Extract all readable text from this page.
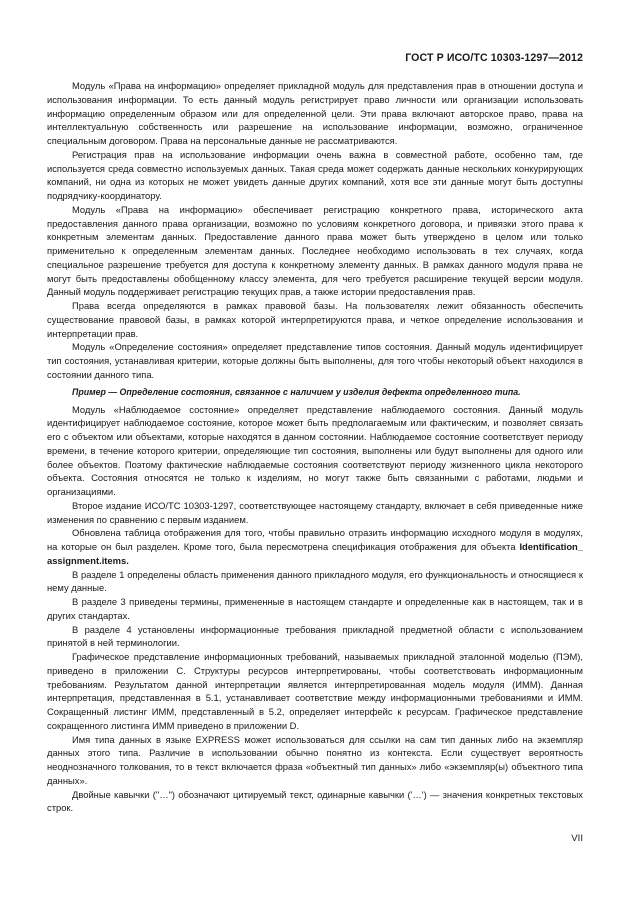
ГОСТ Р ИСО/ТС 10303-1297—2012

Модуль «Права на информацию» определяет прикладной модуль для представления прав в отношении доступа и использования информации. То есть данный модуль регистрирует право личности или организации использовать информацию определенным образом или для определенной цели. Эти права включают авторское право, права на интеллектуальную собственность или разрешение на использование информации, возможно, ограниченное специальным договором. Права на персональные данные не рассматриваются.

Регистрация прав на использование информации очень важна в совместной работе, особенно там, где используется среда совместно используемых данных. Такая среда может содержать данные нескольких конкурирующих компаний, ни одна из которых не может увидеть данные других компаний, хотя все эти данные могут быть доступны подрядчику-координатору.

Модуль «Права на информацию» обеспечивает регистрацию конкретного права, исторического акта предоставления данного права организации, возможно по условиям конкретного договора, и привязки этого права к конкретным элементам данных. Предоставление данного права может быть утверждено в целом или только применительно к определенным элементам данных. Последнее необходимо использовать в тех случаях, когда специальное разрешение требуется для доступа к конкретному элементу данных. В рамках данного модуля права не могут быть предоставлены обобщенному классу элемента, для чего требуется расширение текущей версии модуля. Данный модуль поддерживает регистрацию текущих прав, а также истории предоставления прав.

Права всегда определяются в рамках правовой базы. На пользователях лежит обязанность обеспечить существование правовой базы, в рамках которой интерпретируются права, и четкое определение использования и интерпретации прав.

Модуль «Определение состояния» определяет представление типов состояния. Данный модуль идентифицирует тип состояния, устанавливая критерии, которые должны быть выполнены, для того чтобы некоторый объект находился в состоянии данного типа.

Пример — Определение состояния, связанное с наличием у изделия дефекта определенного типа.

Модуль «Наблюдаемое состояние» определяет представление наблюдаемого состояния. Данный модуль идентифицирует наблюдаемое состояние, которое может быть предполагаемым или фактическим, и позволяет связать его с объектом или объектами, которые находятся в данном состоянии. Наблюдаемое состояние соответствует периоду времени, в течение которого критерии, определяющие тип состояния, выполнены или будут выполнены для одного или более объектов. Поэтому фактические наблюдаемые состояния соответствуют периоду жизненного цикла некоторого объекта. Состояния относятся не только к изделиям, но могут также быть связанными с работами, людьми и организациями.

Второе издание ИСО/ТС 10303-1297, соответствующее настоящему стандарту, включает в себя приведенные ниже изменения по сравнению с первым изданием.

Обновлена таблица отображения для того, чтобы правильно отразить информацию исходного модуля в модулях, на которые он был разделен. Кроме того, была пересмотрена спецификация отображения для объекта Identification_ assignment.items.

В разделе 1 определены область применения данного прикладного модуля, его функциональность и относящиеся к нему данные.

В разделе 3 приведены термины, примененные в настоящем стандарте и определенные как в настоящем, так и в других стандартах.

В разделе 4 установлены информационные требования прикладной предметной области с использованием принятой в ней терминологии.

Графическое представление информационных требований, называемых прикладной эталонной моделью (ПЭМ), приведено в приложении С. Структуры ресурсов интерпретированы, чтобы соответствовать информационным требованиям. Результатом данной интерпретации является интерпретированная модель модуля (ИММ). Данная интерпретация, представленная в 5.1, устанавливает соответствие между информационными требованиями и ИММ. Сокращенный листинг ИММ, представленный в 5.2, определяет интерфейс к ресурсам. Графическое представление сокращенного листинга ИММ приведено в приложении D.

Имя типа данных в языке EXPRESS может использоваться для ссылки на сам тип данных либо на экземпляр данных этого типа. Различие в использовании обычно понятно из контекста. Если существует вероятность неоднозначного толкования, то в текст включается фраза «объектный тип данных» либо «экземпляр(ы) объектного типа данных».

Двойные кавычки ("…") обозначают цитируемый текст, одинарные кавычки ('…') — значения конкретных текстовых строк.

VII
